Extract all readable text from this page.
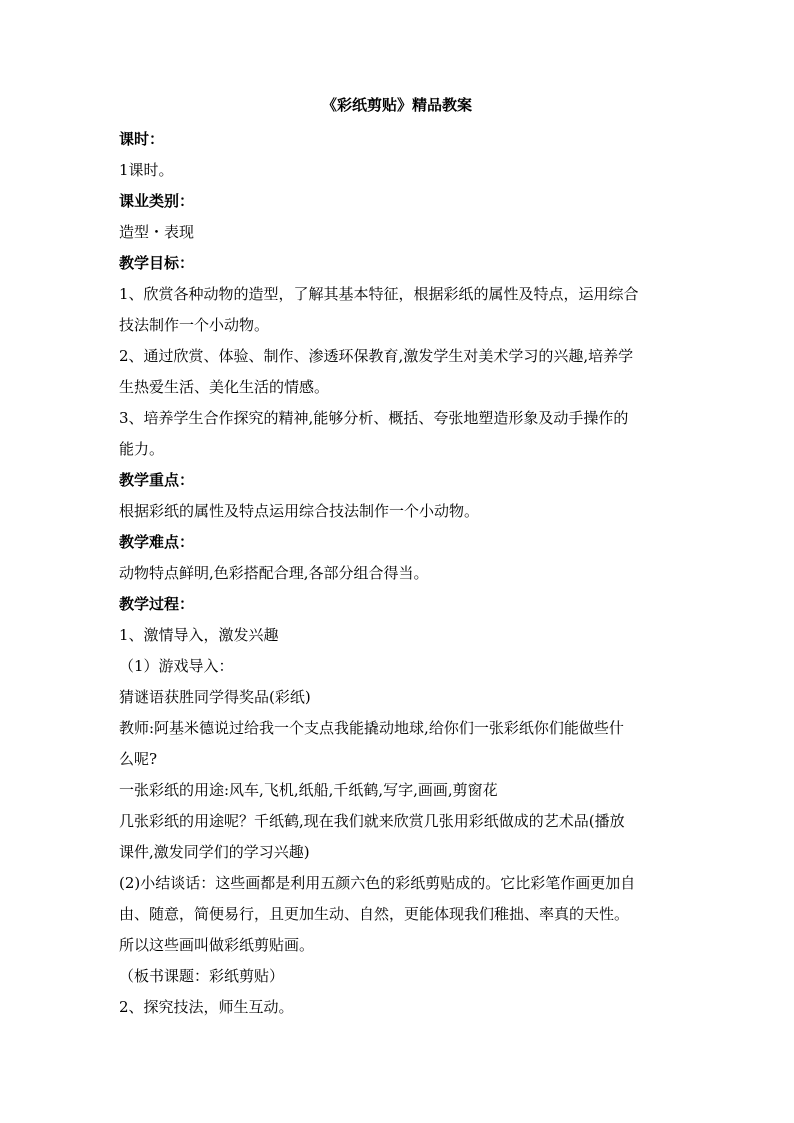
《彩纸剪贴》精品教案
课时：
1课时。
课业类别：
造型・表现
教学目标：
1、欣赏各种动物的造型，了解其基本特征，根据彩纸的属性及特点，运用综合
技法制作一个小动物。
2、通过欣赏、体验、制作、渗透环保教育,激发学生对美术学习的兴趣,培养学
生热爱生活、美化生活的情感。
3、培养学生合作探究的精神,能够分析、概括、夸张地塑造形象及动手操作的
能力。
教学重点：
根据彩纸的属性及特点运用综合技法制作一个小动物。
教学难点：
动物特点鲜明,色彩搭配合理,各部分组合得当。
教学过程：
1、激情导入，激发兴趣
（1）游戏导入：
猜谜语获胜同学得奖品(彩纸)
教师:阿基米德说过给我一个支点我能撬动地球,给你们一张彩纸你们能做些什
么呢?
一张彩纸的用途:风车,飞机,纸船,千纸鹤,写字,画画,剪窗花
几张彩纸的用途呢？千纸鹤,现在我们就来欣赏几张用彩纸做成的艺术品(播放
课件,激发同学们的学习兴趣)
(2)小结谈话：这些画都是利用五颜六色的彩纸剪贴成的。它比彩笔作画更加自
由、随意，简便易行，且更加生动、自然，更能体现我们稚拙、率真的天性。
所以这些画叫做彩纸剪贴画。
（板书课题：彩纸剪贴）
2、探究技法，师生互动。
